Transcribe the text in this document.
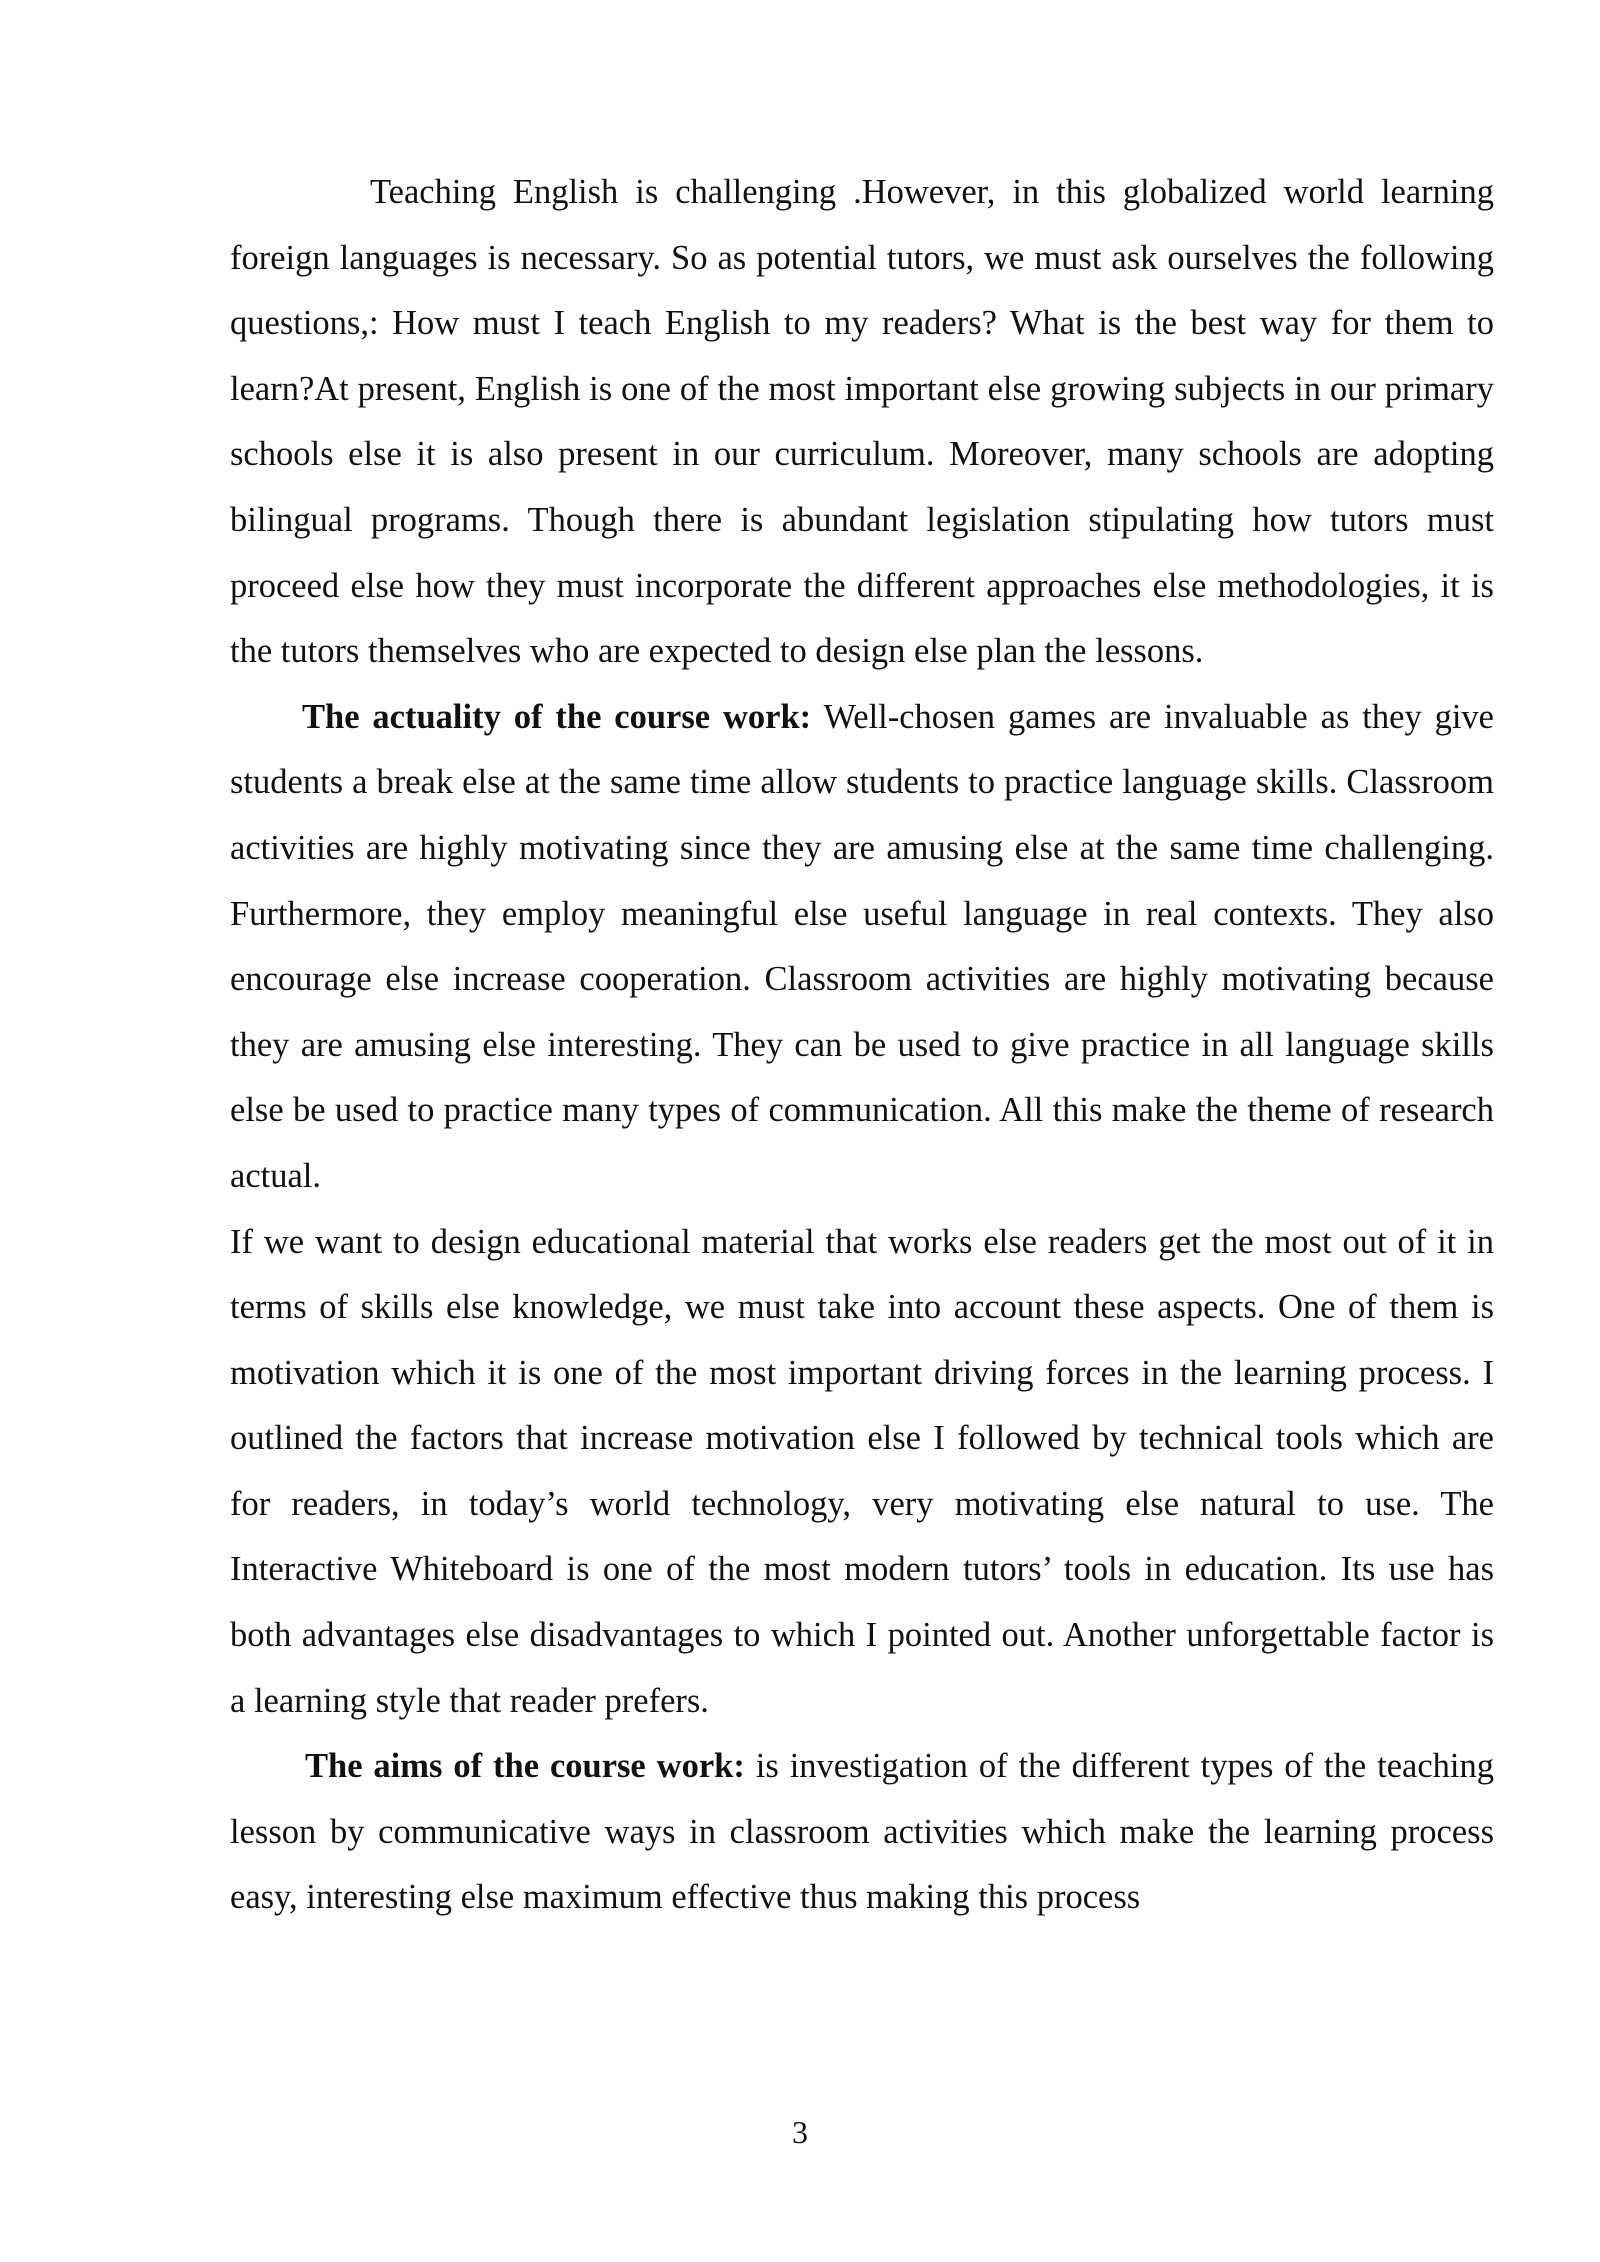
Teaching English is challenging .However, in this globalized world learning foreign languages is necessary. So as potential tutors, we must ask ourselves the following questions,: How must I teach English to my readers? What is the best way for them to learn?At present, English is one of the most important else growing subjects in our primary schools else it is also present in our curriculum. Moreover, many schools are adopting bilingual programs. Though there is abundant legislation stipulating how tutors must proceed else how they must incorporate the different approaches else methodologies, it is the tutors themselves who are expected to design else plan the lessons.

The actuality of the course work: Well-chosen games are invaluable as they give students a break else at the same time allow students to practice language skills. Classroom activities are highly motivating since they are amusing else at the same time challenging. Furthermore, they employ meaningful else useful language in real contexts. They also encourage else increase cooperation. Classroom activities are highly motivating because they are amusing else interesting. They can be used to give practice in all language skills else be used to practice many types of communication. All this make the theme of research actual.

If we want to design educational material that works else readers get the most out of it in terms of skills else knowledge, we must take into account these aspects. One of them is motivation which it is one of the most important driving forces in the learning process. I outlined the factors that increase motivation else I followed by technical tools which are for readers, in today’s world technology, very motivating else natural to use. The Interactive Whiteboard is one of the most modern tutors’ tools in education. Its use has both advantages else disadvantages to which I pointed out. Another unforgettable factor is a learning style that reader prefers.

The aims of the course work: is investigation of the different types of the teaching lesson by communicative ways in classroom activities which make the learning process easy, interesting else maximum effective thus making this process

3
